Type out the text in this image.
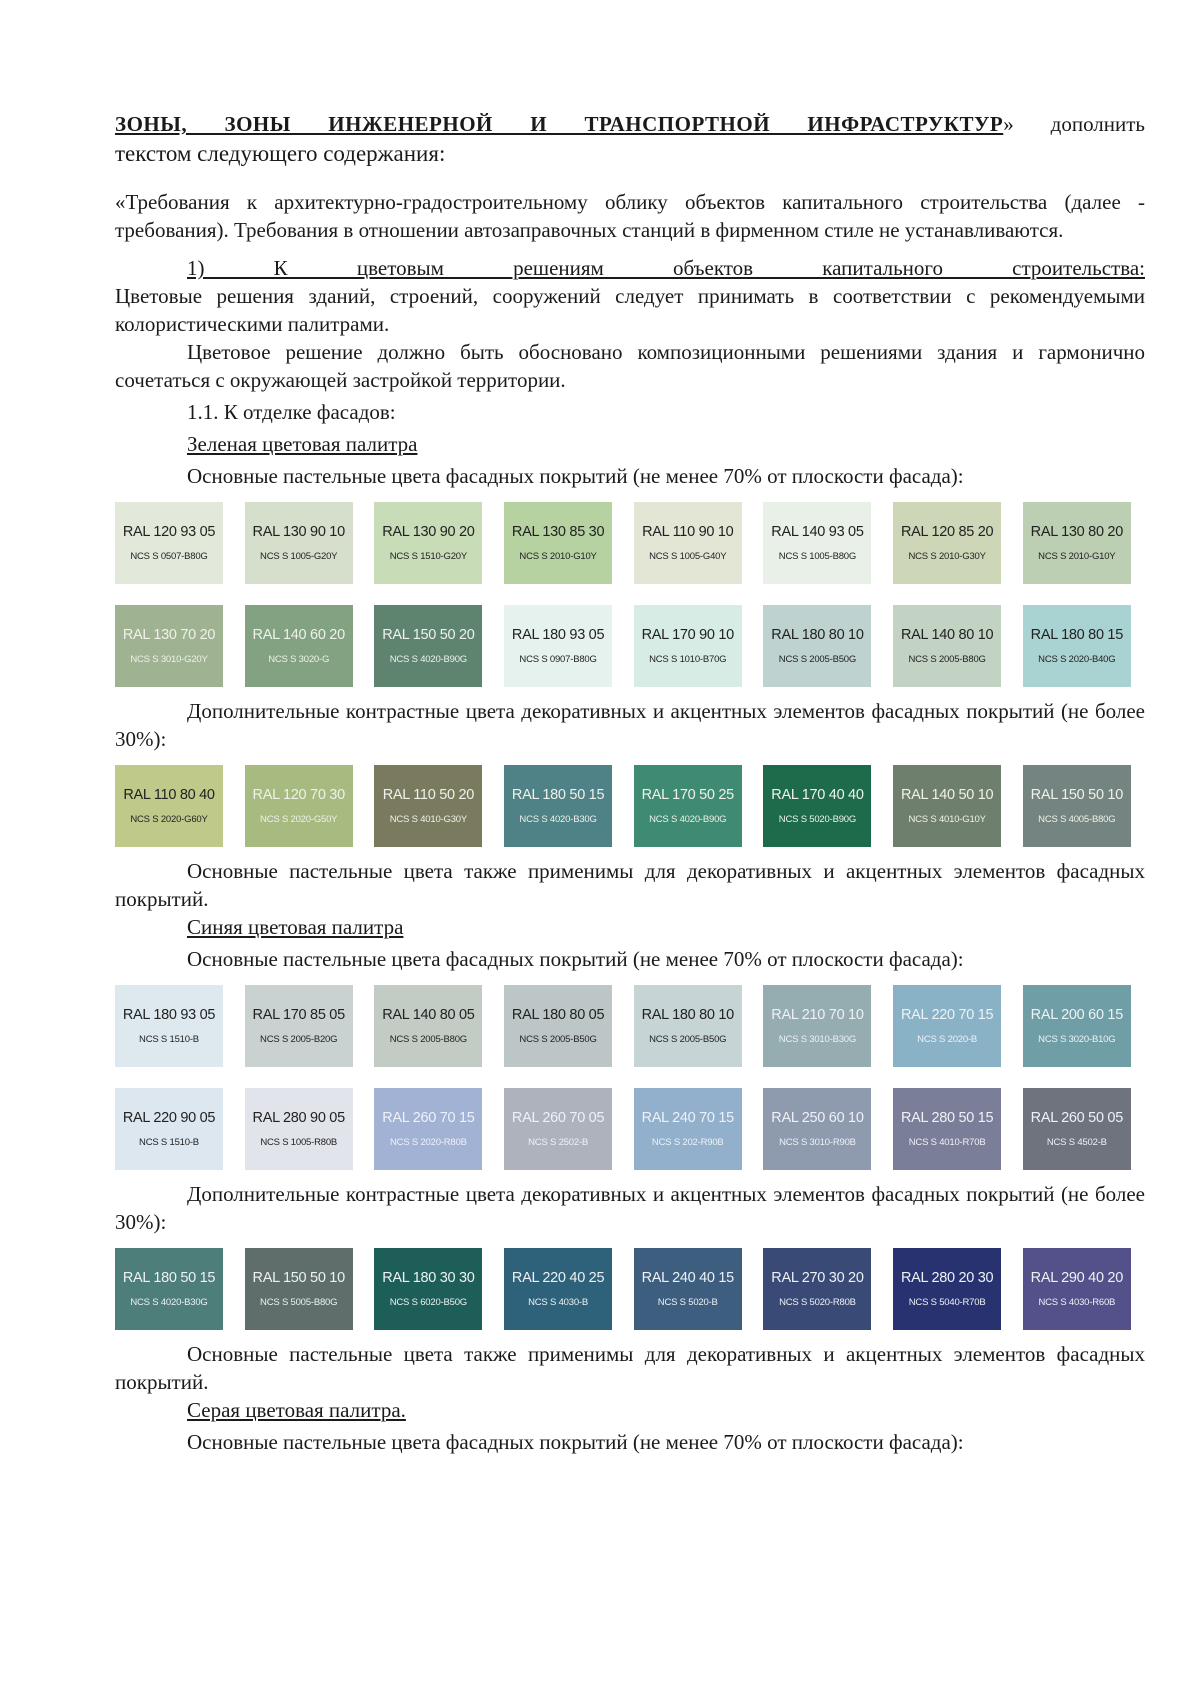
ЗОНЫ, ЗОНЫ ИНЖЕНЕРНОЙ И ТРАНСПОРТНОЙ ИНФРАСТРУКТУР» дополнить

текстом следующего содержания:

«Требования к архитектурно-градостроительному облику объектов капитального строительства (далее - требования). Требования в отношении автозаправочных станций в фирменном стиле не устанавливаются.

1) К цветовым решениям объектов капитального строительства:

Цветовые решения зданий, строений, сооружений следует принимать в соответствии с рекомендуемыми колористическими палитрами.

Цветовое решение должно быть обосновано композиционными решениями здания и гармонично сочетаться с окружающей застройкой территории.

1.1. К отделке фасадов:

Зеленая цветовая палитра

Основные пастельные цвета фасадных покрытий (не менее 70% от плоскости фасада):

RAL 120 93 05
NCS S 0507-B80G
RAL 130 90 10
NCS S 1005-G20Y
RAL 130 90 20
NCS S 1510-G20Y
RAL 130 85 30
NCS S 2010-G10Y
RAL 110 90 10
NCS S 1005-G40Y
RAL 140 93 05
NCS S 1005-B80G
RAL 120 85 20
NCS S 2010-G30Y
RAL 130 80 20
NCS S 2010-G10Y
RAL 130 70 20
NCS S 3010-G20Y
RAL 140 60 20
NCS S 3020-G
RAL 150 50 20
NCS S 4020-B90G
RAL 180 93 05
NCS S 0907-B80G
RAL 170 90 10
NCS S 1010-B70G
RAL 180 80 10
NCS S 2005-B50G
RAL 140 80 10
NCS S 2005-B80G
RAL 180 80 15
NCS S 2020-B40G

Дополнительные контрастные цвета декоративных и акцентных элементов фасадных покрытий (не более 30%):

RAL 110 80 40
NCS S 2020-G60Y
RAL 120 70 30
NCS S 2020-G50Y
RAL 110 50 20
NCS S 4010-G30Y
RAL 180 50 15
NCS S 4020-B30G
RAL 170 50 25
NCS S 4020-B90G
RAL 170 40 40
NCS S 5020-B90G
RAL 140 50 10
NCS S 4010-G10Y
RAL 150 50 10
NCS S 4005-B80G

Основные пастельные цвета также применимы для декоративных и акцентных элементов фасадных покрытий.

Синяя цветовая палитра

Основные пастельные цвета фасадных покрытий (не менее 70% от плоскости фасада):

RAL 180 93 05
NCS S 1510-B
RAL 170 85 05
NCS S 2005-B20G
RAL 140 80 05
NCS S 2005-B80G
RAL 180 80 05
NCS S 2005-B50G
RAL 180 80 10
NCS S 2005-B50G
RAL 210 70 10
NCS S 3010-B30G
RAL 220 70 15
NCS S 2020-B
RAL 200 60 15
NCS S 3020-B10G
RAL 220 90 05
NCS S 1510-B
RAL 280 90 05
NCS S 1005-R80B
RAL 260 70 15
NCS S 2020-R80B
RAL 260 70 05
NCS S 2502-B
RAL 240 70 15
NCS S 202-R90B
RAL 250 60 10
NCS S 3010-R90B
RAL 280 50 15
NCS S 4010-R70B
RAL 260 50 05
NCS S 4502-B

Дополнительные контрастные цвета декоративных и акцентных элементов фасадных покрытий (не более 30%):

RAL 180 50 15
NCS S 4020-B30G
RAL 150 50 10
NCS S 5005-B80G
RAL 180 30 30
NCS S 6020-B50G
RAL 220 40 25
NCS S 4030-B
RAL 240 40 15
NCS S 5020-B
RAL 270 30 20
NCS S 5020-R80B
RAL 280 20 30
NCS S 5040-R70B
RAL 290 40 20
NCS S 4030-R60B

Основные пастельные цвета также применимы для декоративных и акцентных элементов фасадных покрытий.

Серая цветовая палитра.

Основные пастельные цвета фасадных покрытий (не менее 70% от плоскости фасада):
